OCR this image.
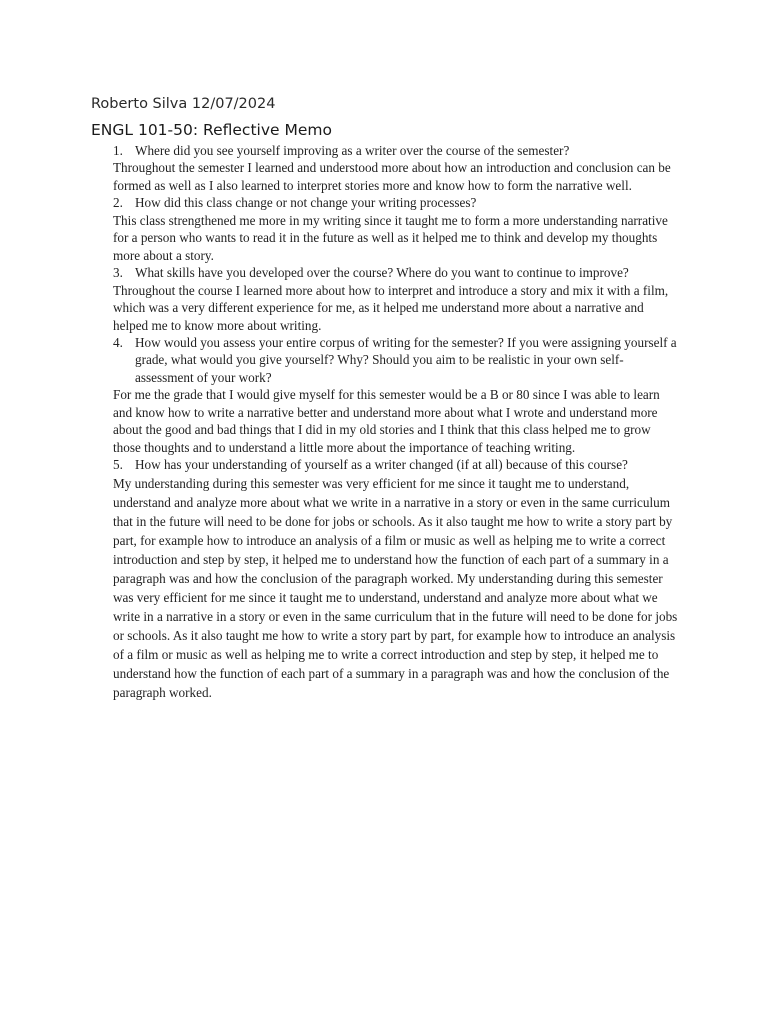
Roberto Silva 12/07/2024
ENGL 101-50: Reflective Memo

1. Where did you see yourself improving as a writer over the course of the semester?

Throughout the semester I learned and understood more about how an introduction and conclusion can be formed as well as I also learned to interpret stories more and know how to form the narrative well.

2. How did this class change or not change your writing processes?

This class strengthened me more in my writing since it taught me to form a more understanding narrative for a person who wants to read it in the future as well as it helped me to think and develop my thoughts more about a story.

3. What skills have you developed over the course? Where do you want to continue to improve?

Throughout the course I learned more about how to interpret and introduce a story and mix it with a film, which was a very different experience for me, as it helped me understand more about a narrative and helped me to know more about writing.

4. How would you assess your entire corpus of writing for the semester? If you were assigning yourself a grade, what would you give yourself? Why? Should you aim to be realistic in your own self-assessment of your work?

For me the grade that I would give myself for this semester would be a B or 80 since I was able to learn and know how to write a narrative better and understand more about what I wrote and understand more about the good and bad things that I did in my old stories and I think that this class helped me to grow those thoughts and to understand a little more about the importance of teaching writing.

5. How has your understanding of yourself as a writer changed (if at all) because of this course?

My understanding during this semester was very efficient for me since it taught me to understand, understand and analyze more about what we write in a narrative in a story or even in the same curriculum that in the future will need to be done for jobs or schools. As it also taught me how to write a story part by part, for example how to introduce an analysis of a film or music as well as helping me to write a correct introduction and step by step, it helped me to understand how the function of each part of a summary in a paragraph was and how the conclusion of the paragraph worked. My understanding during this semester was very efficient for me since it taught me to understand, understand and analyze more about what we write in a narrative in a story or even in the same curriculum that in the future will need to be done for jobs or schools. As it also taught me how to write a story part by part, for example how to introduce an analysis of a film or music as well as helping me to write a correct introduction and step by step, it helped me to understand how the function of each part of a summary in a paragraph was and how the conclusion of the paragraph worked.
